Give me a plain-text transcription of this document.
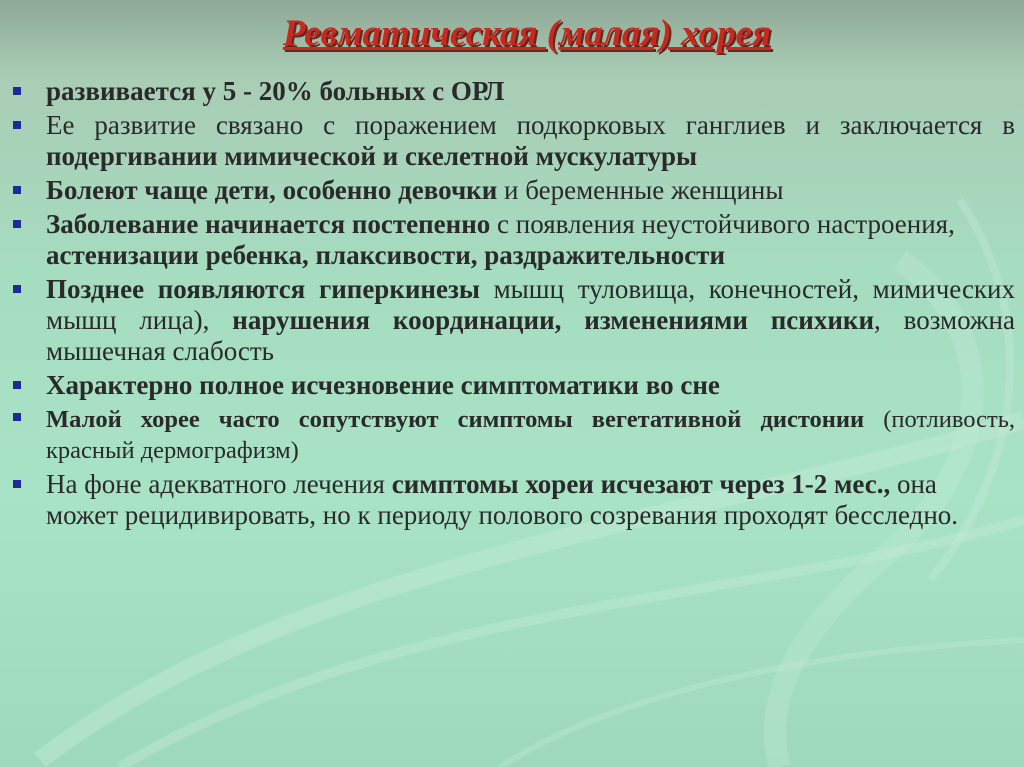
Ревматическая (малая) хорея
развивается у 5 - 20% больных с ОРЛ
Ее развитие связано с поражением подкорковых ганглиев и заключается в подергивании мимической и скелетной мускулатуры
Болеют чаще дети, особенно девочки и беременные женщины
Заболевание начинается постепенно с появления неустойчивого настроения, астенизации ребенка, плаксивости, раздражительности
Позднее появляются гиперкинезы мышц туловища, конечностей, мимических мышц лица), нарушения координации, изменениями психики, возможна мышечная слабость
Характерно полное исчезновение симптоматики во сне
Малой хорее часто сопутствуют симптомы вегетативной дистонии (потливость, красный дермографизм)
На фоне адекватного лечения симптомы хореи исчезают через 1-2 мес., она может рецидивировать, но к периоду полового созревания проходят бесследно.
